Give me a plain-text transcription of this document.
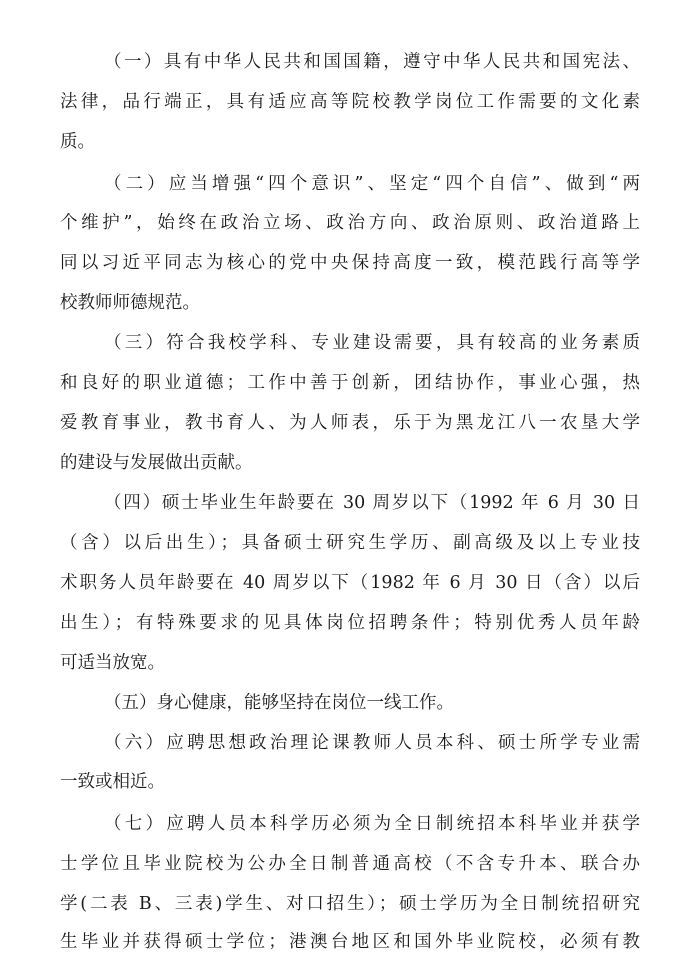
（一）具有中华人民共和国国籍，遵守中华人民共和国宪法、
法律，品行端正，具有适应高等院校教学岗位工作需要的文化素
质。
（二）应当增强“四个意识”、坚定“四个自信”、做到“两
个维护”，始终在政治立场、政治方向、政治原则、政治道路上
同以习近平同志为核心的党中央保持高度一致，模范践行高等学
校教师师德规范。
（三）符合我校学科、专业建设需要，具有较高的业务素质
和良好的职业道德；工作中善于创新，团结协作，事业心强，热
爱教育事业，教书育人、为人师表，乐于为黑龙江八一农垦大学
的建设与发展做出贡献。
（四）硕士毕业生年龄要在 30 周岁以下（1992 年 6 月 30 日
（含）以后出生）；具备硕士研究生学历、副高级及以上专业技
术职务人员年龄要在 40 周岁以下（1982 年 6 月 30 日（含）以后
出生）；有特殊要求的见具体岗位招聘条件；特别优秀人员年龄
可适当放宽。
（五）身心健康，能够坚持在岗位一线工作。
（六）应聘思想政治理论课教师人员本科、硕士所学专业需
一致或相近。
（七）应聘人员本科学历必须为全日制统招本科毕业并获学
士学位且毕业院校为公办全日制普通高校（不含专升本、联合办
学(二表 B、三表)学生、对口招生）；硕士学历为全日制统招研究
生毕业并获得硕士学位；港澳台地区和国外毕业院校，必须有教
